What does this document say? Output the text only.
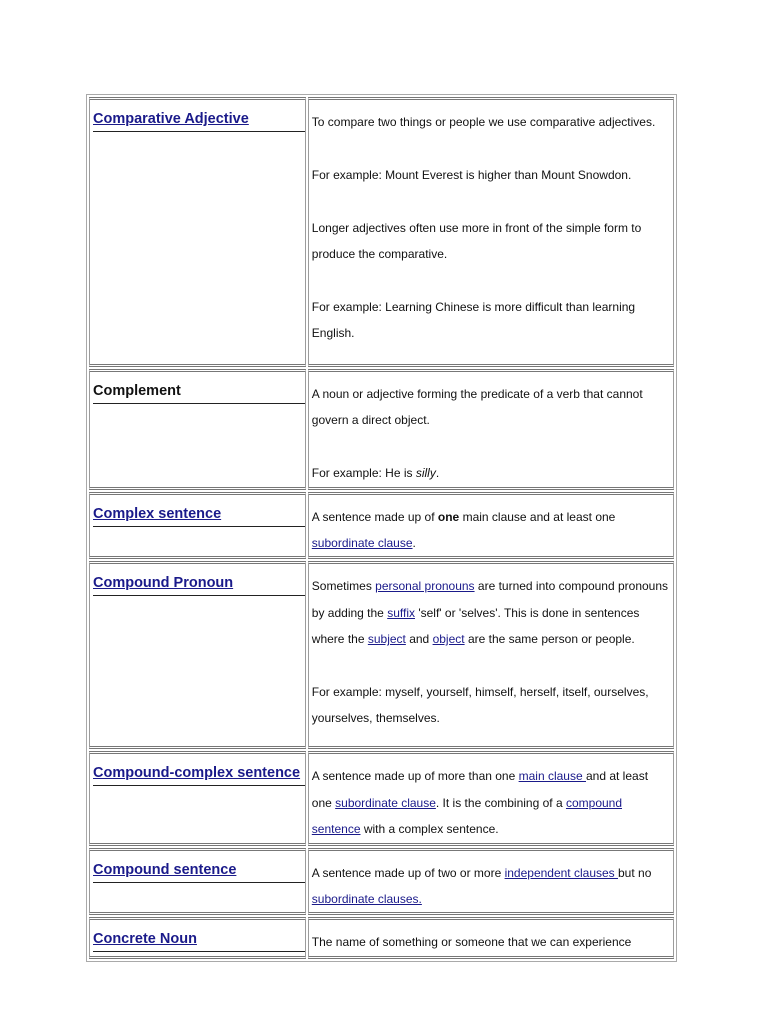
Comparative Adjective	To compare two things or people we use comparative adjectives.

For example: Mount Everest is higher than Mount Snowdon.

Longer adjectives often use more in front of the simple form to produce the comparative.

For example: Learning Chinese is more difficult than learning English.

Complement	A noun or adjective forming the predicate of a verb that cannot govern a direct object.

For example: He is silly.

Complex sentence	A sentence made up of one main clause and at least one subordinate clause.

Compound Pronoun	Sometimes personal pronouns are turned into compound pronouns by adding the suffix 'self' or 'selves'. This is done in sentences where the subject and object are the same person or people.

For example: myself, yourself, himself, herself, itself, ourselves, yourselves, themselves.

Compound-complex sentence	A sentence made up of more than one main clause and at least one subordinate clause. It is the combining of a compound sentence with a complex sentence.

Compound sentence	A sentence made up of two or more independent clauses but no subordinate clauses.

Concrete Noun	The name of something or someone that we can experience
